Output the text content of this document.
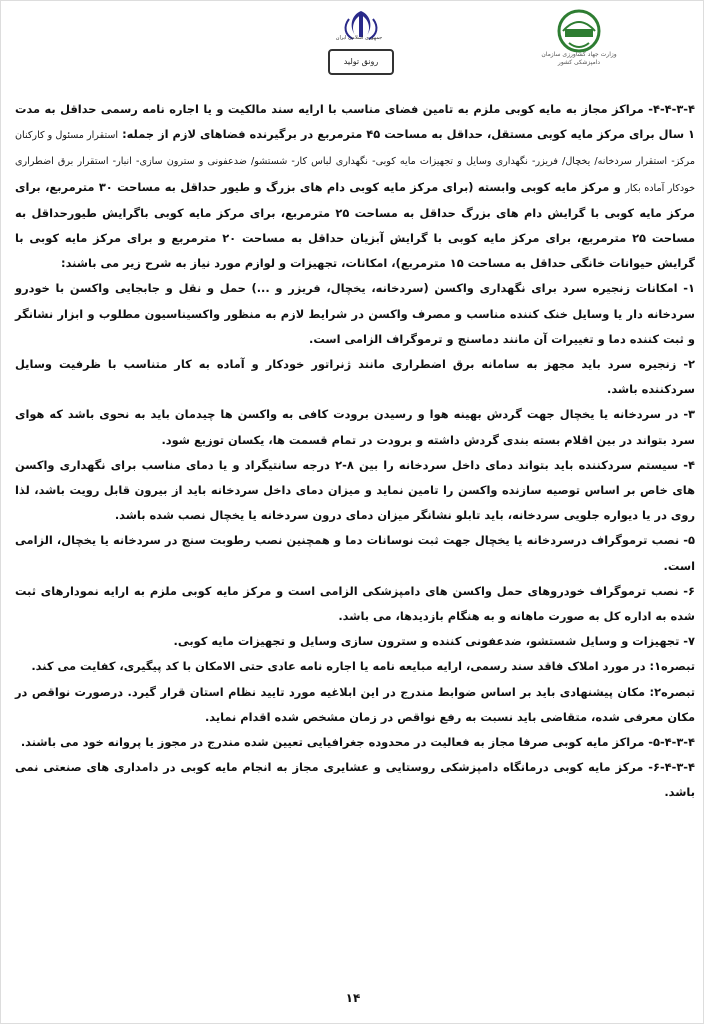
وزارت جهاد کشاورزی سازمان دامپزشکی کشور
جمهوری اسلامی ایران
رونق تولید

۴-۴-۳-۴- مراکز مجاز به مایه کوبی ملزم به تامین فضای مناسب با ارایه سند مالکیت و یا اجاره نامه رسمی حداقل به مدت ۱ سال برای مرکز مایه کوبی مستقل، حداقل به مساحت ۴۵ مترمربع در برگیرنده فضاهای لازم از جمله: استقرار مسئول و کارکنان مرکز- استقرار سردخانه/ یخچال/ فریزر- نگهداری وسایل و تجهیزات مایه کوبی- نگهداری لباس کار- شستشو/ ضدعفونی و سترون سازی- انبار- استقرار برق اضطراری خودکار آماده بکار و مرکز مایه کوبی وابسته (برای مرکز مایه کوبی دام های بزرگ و طیور حداقل به مساحت ۳۰ مترمربع، برای مرکز مایه کوبی با گرایش دام های بزرگ حداقل به مساحت ۲۵ مترمربع، برای مرکز مایه کوبی باگرایش طیورحداقل به مساحت ۲۵ مترمربع، برای مرکز مایه کوبی با گرایش آبزیان حداقل به مساحت ۲۰ مترمربع و برای مرکز مایه کوبی با گرایش حیوانات خانگی حداقل به مساحت ۱۵ مترمربع)، امکانات، تجهیزات و لوازم مورد نیاز به شرح زیر می باشند:

۱- امکانات زنجیره سرد برای نگهداری واکسن (سردخانه، یخچال، فریزر و ...) حمل و نقل و جابجایی واکسن با خودرو سردخانه دار یا وسایل خنک کننده مناسب و مصرف واکسن در شرایط لازم به منظور واکسیناسیون مطلوب و ابزار نشانگر و ثبت کننده دما و تغییرات آن مانند دماسنج و ترموگراف الزامی است.

۲- زنجیره سرد باید مجهز به سامانه برق اضطراری مانند ژنراتور خودکار و آماده به کار متناسب با ظرفیت وسایل سردکننده باشد.

۳- در سردخانه یا یخچال جهت گردش بهینه هوا و رسیدن برودت کافی به واکسن ها چیدمان باید به نحوی باشد که هوای سرد بتواند در بین اقلام بسته بندی گردش داشته و برودت در تمام قسمت ها، یکسان توزیع شود.

۴- سیستم سردکننده باید بتواند دمای داخل سردخانه را بین ۸-۲ درجه سانتیگراد و یا دمای مناسب برای نگهداری واکسن های خاص بر اساس توصیه سازنده واکسن را تامین نماید و میزان دمای داخل سردخانه باید از بیرون قابل رویت باشد، لذا روی در یا دیواره جلویی سردخانه، باید تابلو نشانگر میزان دمای درون سردخانه یا یخچال نصب شده باشد.

۵- نصب ترموگراف درسردخانه یا یخچال جهت ثبت نوسانات دما و همچنین نصب رطوبت سنج در سردخانه یا یخچال، الزامی است.

۶- نصب ترموگراف خودروهای حمل واکسن های دامپزشکی الزامی است و مرکز مایه کوبی ملزم به ارایه نمودارهای ثبت شده به اداره کل به صورت ماهانه و به هنگام بازدیدها، می باشد.

۷- تجهیزات و وسایل شستشو، ضدعفونی کننده و سترون سازی وسایل و تجهیزات مایه کوبی.

تبصره۱: در مورد املاک فاقد سند رسمی، ارایه مبایعه نامه یا اجاره نامه عادی حتی الامکان با کد پیگیری، کفایت می کند.

تبصره۲: مکان پیشنهادی باید بر اساس ضوابط مندرج در این ابلاغیه مورد تایید نظام استان قرار گیرد. درصورت نواقص در مکان معرفی شده، متقاضی باید نسبت به رفع نواقص در زمان مشخص شده اقدام نماید.

۵-۴-۳-۴- مراکز مایه کوبی صرفا مجاز به فعالیت در محدوده جغرافیایی تعیین شده مندرج در مجوز یا پروانه خود می باشند.

۶-۴-۳-۴- مرکز مایه کوبی درمانگاه دامپزشکی روستایی و عشایری مجاز به انجام مایه کوبی در دامداری های صنعتی نمی باشد.

۱۴
